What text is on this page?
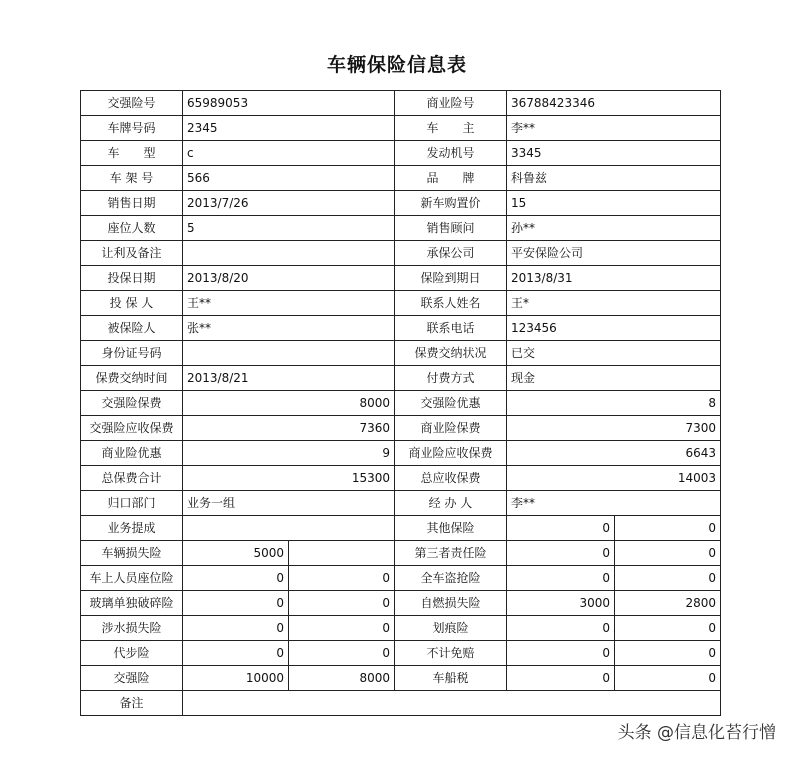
车辆保险信息表
交强险号	65989053		商业险号	36788423346	
车牌号码	2345		车　　主	李**	
车　　型	c		发动机号	3345	
车 架 号	566		品　　牌	科鲁兹	
销售日期	2013/7/26		新车购置价	15	
座位人数	5		销售顾问	孙**	
让利及备注			承保公司	平安保险公司	
投保日期	2013/8/20		保险到期日	2013/8/31	
投 保 人	王**		联系人姓名	王*	
被保险人	张**		联系电话	123456	
身份证号码			保费交纳状况	已交	
保费交纳时间	2013/8/21		付费方式	现金	
交强险保费	8000		交强险优惠	8	
交强险应收保费	7360		商业险保费	7300	
商业险优惠	9		商业险应收保费	6643	
总保费合计	15300		总应收保费	14003	
归口部门	业务一组		经 办 人	李**	
业务提成			其他保险	0	0
车辆损失险	5000		第三者责任险	0	0
车上人员座位险	0	0	全车盗抢险	0	0
玻璃单独破碎险	0	0	自燃损失险	3000	2800
涉水损失险	0	0	划痕险	0	0
代步险	0	0	不计免赔	0	0
交强险	10000	8000	车船税	0	0
备注					
头条 @信息化苔行憎
